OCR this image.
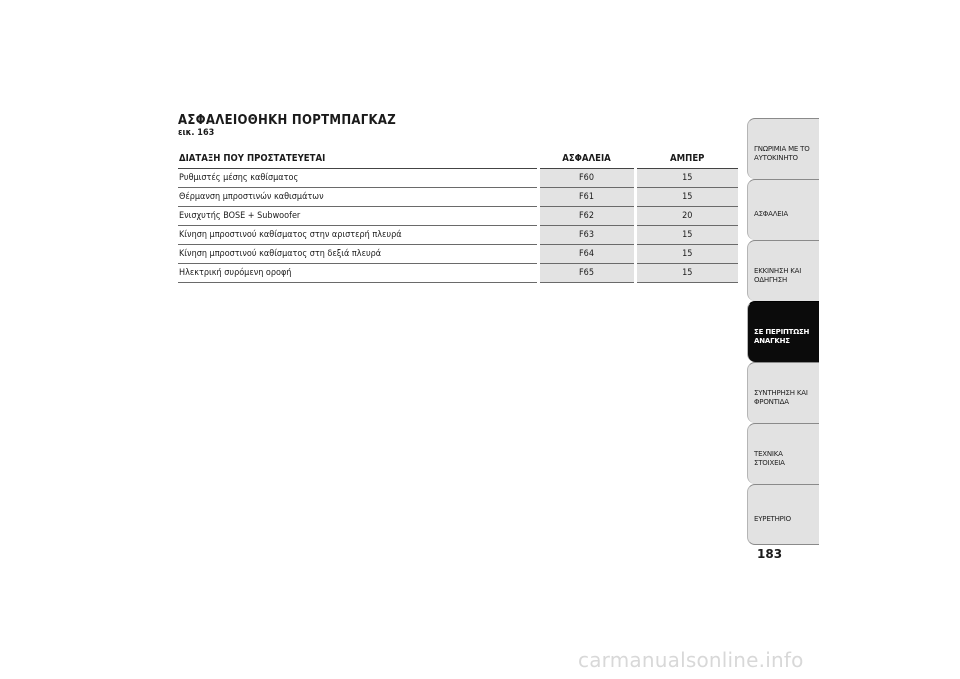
ΑΣΦΑΛΕΙΟΘΗΚΗ ΠΟΡΤΜΠΑΓΚΑΖ
εικ. 163
ΔΙΑΤΑΞΗ ΠΟΥ ΠΡΟΣΤΑΤΕΥΕΤΑΙ	ΑΣΦΑΛΕΙΑ	ΑΜΠΕΡ
Ρυθμιστές μέσης καθίσματος	F60	15
Θέρμανση μπροστινών καθισμάτων	F61	15
Ενισχυτής BOSE + Subwoofer	F62	20
Κίνηση μπροστινού καθίσματος στην αριστερή πλευρά	F63	15
Κίνηση μπροστινού καθίσματος στη δεξιά πλευρά	F64	15
Ηλεκτρική συρόμενη οροφή	F65	15
ΓΝΩΡΙΜΙΑ ΜΕ ΤΟ
ΑΥΤΟΚΙΝΗΤΟ
ΑΣΦΑΛΕΙΑ
ΕΚΚΙΝΗΣΗ ΚΑΙ
ΟΔΗΓΗΣΗ
ΣΕ ΠΕΡΙΠΤΩΣΗ
ΑΝΑΓΚΗΣ
ΣΥΝΤΗΡΗΣΗ ΚΑΙ
ΦΡΟΝΤΙΔΑ
ΤΕΧΝΙΚΑ ΣΤΟΙΧΕΙΑ
ΕΥΡΕΤΗΡΙΟ
183
carmanualsonline.info
